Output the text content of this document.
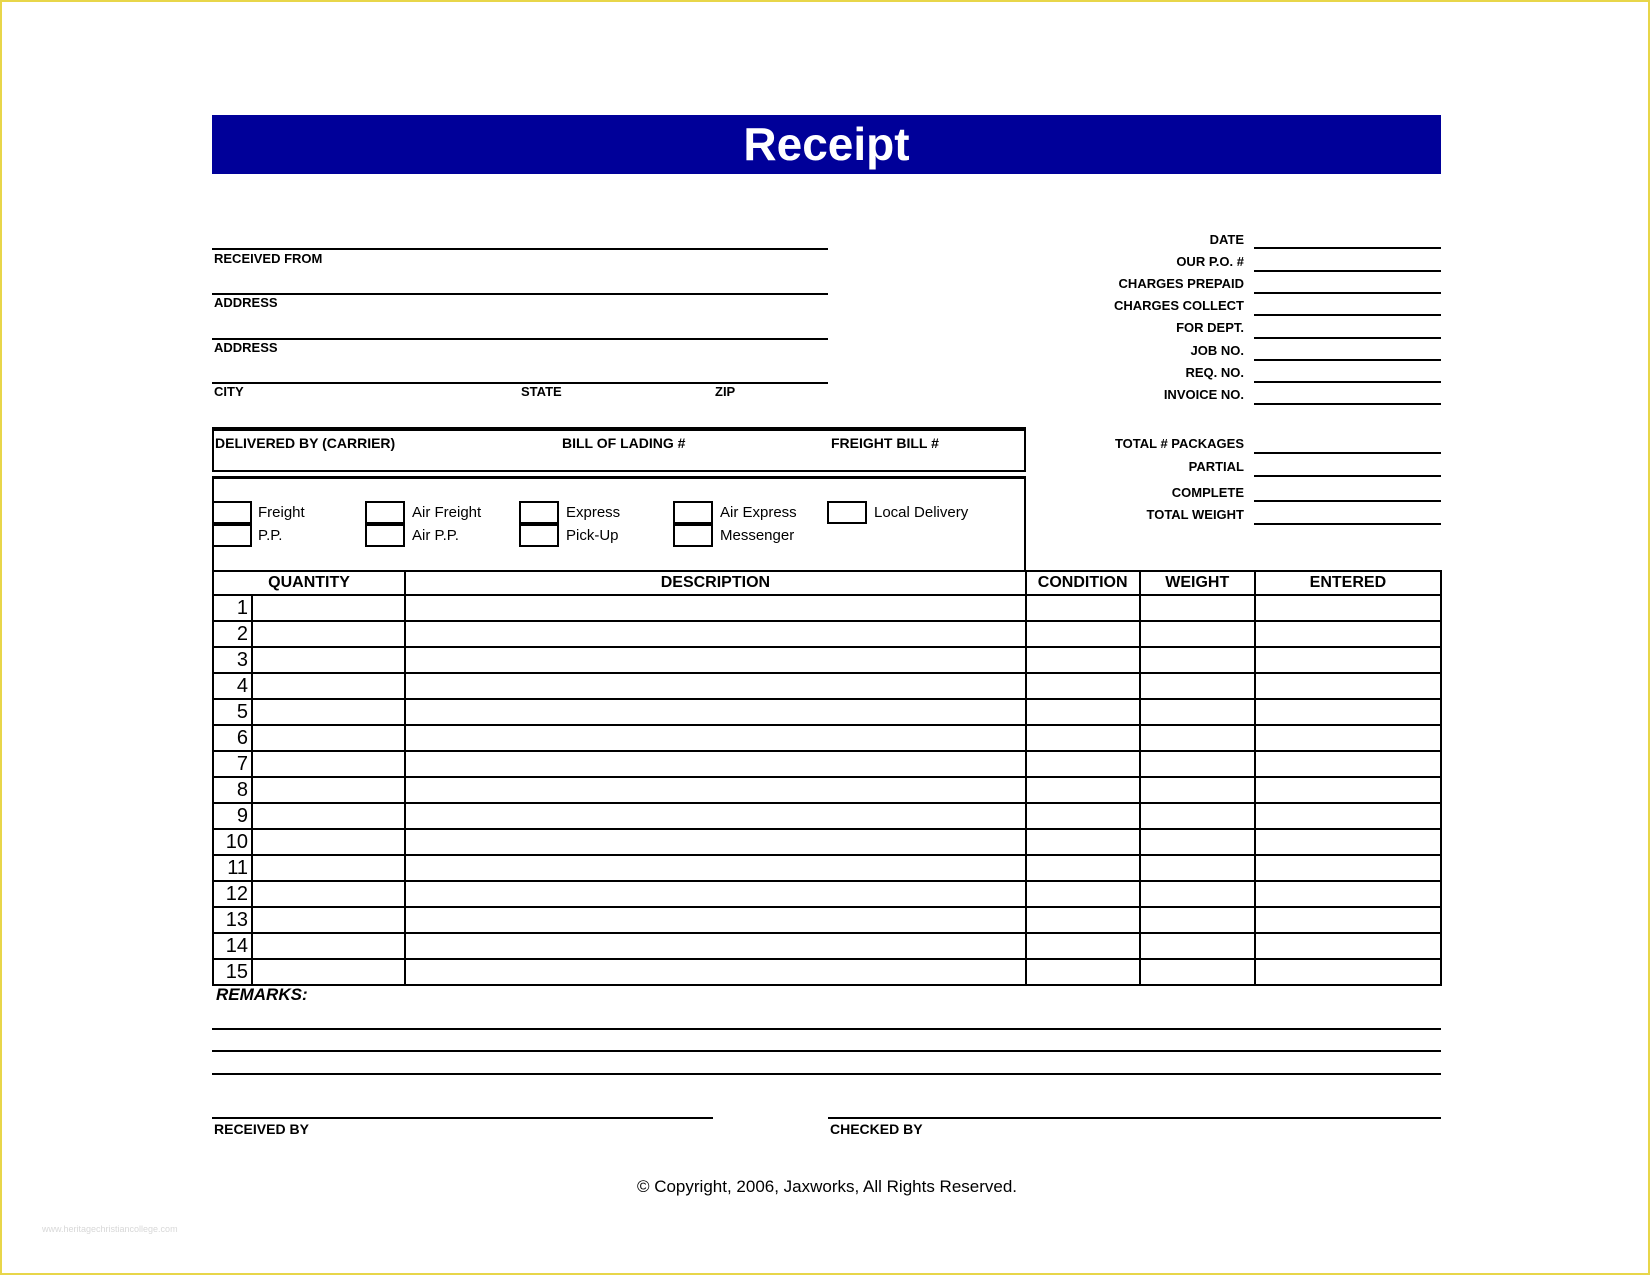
Receipt
RECEIVED FROM
ADDRESS
ADDRESS
CITY	STATE	ZIP
DATE
OUR P.O. #
CHARGES PREPAID
CHARGES COLLECT
FOR DEPT.
JOB NO.
REQ. NO.
INVOICE NO.
TOTAL # PACKAGES
PARTIAL
COMPLETE
TOTAL WEIGHT
DELIVERED BY (CARRIER)	BILL OF LADING #	FREIGHT BILL #
Freight
P.P.
Air Freight
Air P.P.
Express
Pick-Up
Air Express
Messenger
Local Delivery
QUANTITY		DESCRIPTION	CONDITION	WEIGHT	ENTERED
1					
2					
3					
4					
5					
6					
7					
8					
9					
10					
11					
12					
13					
14					
15					
REMARKS:
RECEIVED BY	CHECKED BY
© Copyright, 2006, Jaxworks, All Rights Reserved.
www.heritagechristiancollege.com
